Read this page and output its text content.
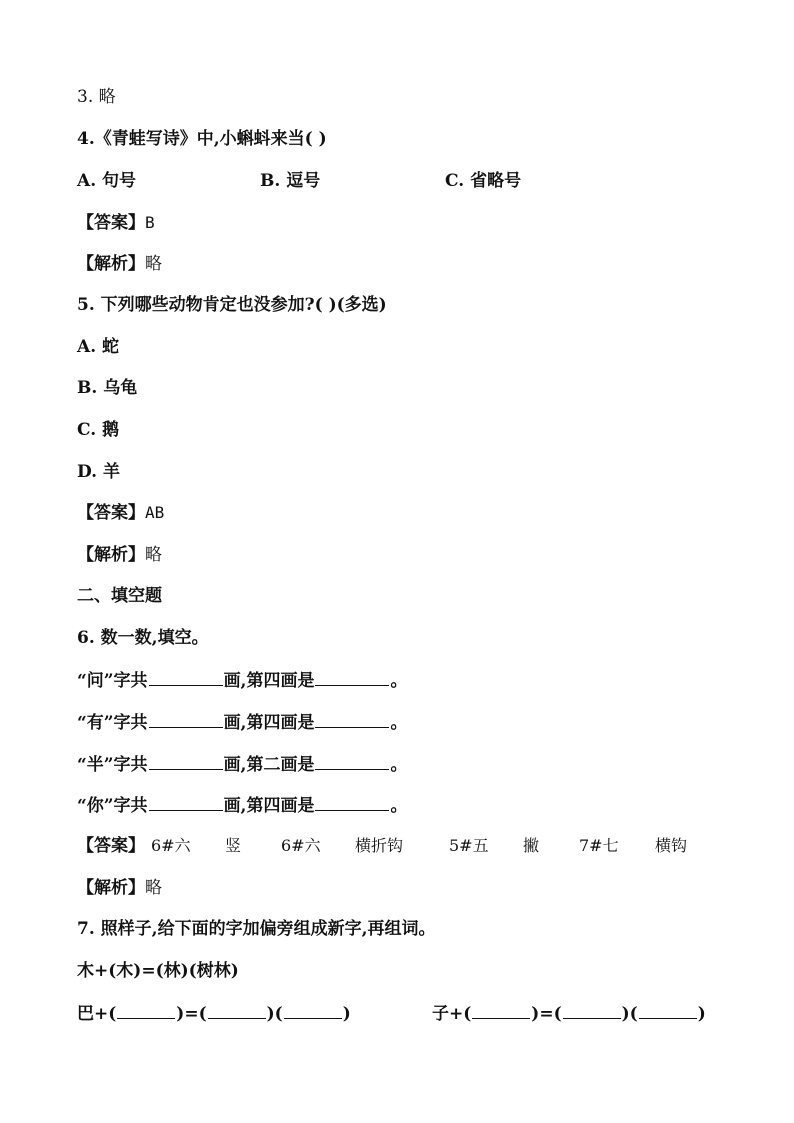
3. 略
4.《青蛙写诗》中,小蝌蚪来当( )
A. 句号	B. 逗号	C. 省略号
【答案】B
【解析】略
5. 下列哪些动物肯定也没参加?( )(多选)
A. 蛇
B. 乌龟
C. 鹅
D. 羊
【答案】AB
【解析】略
二、填空题
6. 数一数,填空。
“问”字共	画,第四画是	。
“有”字共	画,第四画是	。
“半”字共	画,第二画是	。
“你”字共	画,第四画是	。
【答案】 6#六 竖 6#六 横折钩	5#五 撇 7#七 横钩
【解析】略
7. 照样子,给下面的字加偏旁组成新字,再组词。
木+(木)=(林)(树林)
巴+(	)=(	)(	)	子+(	)=(	)(	)
